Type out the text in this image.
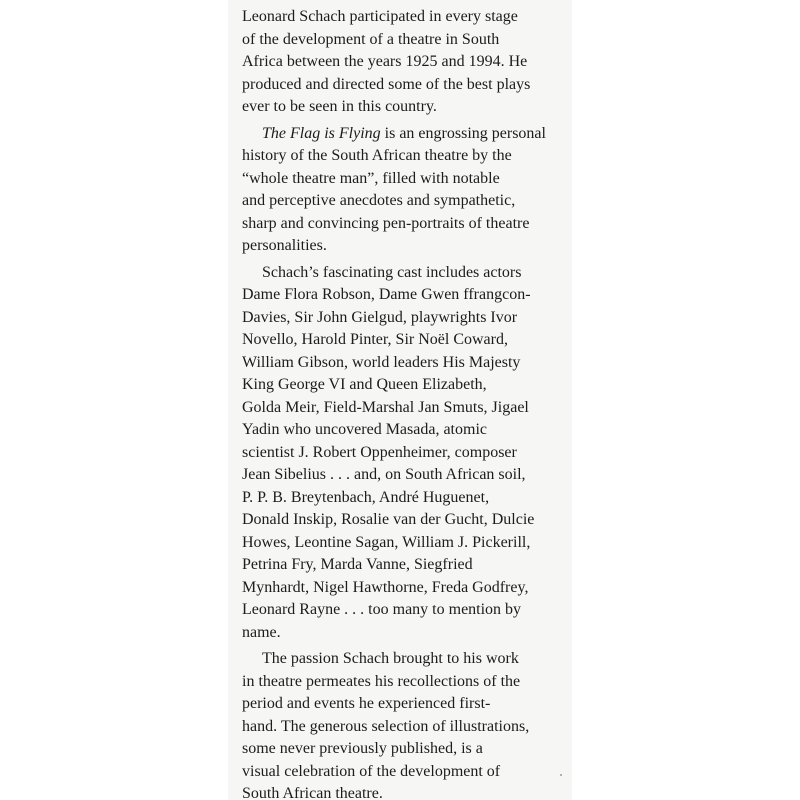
Leonard Schach participated in every stage
of the development of a theatre in South
Africa between the years 1925 and 1994. He
produced and directed some of the best plays
ever to be seen in this country.

The Flag is Flying is an engrossing personal
history of the South African theatre by the
“whole theatre man”, filled with notable
and perceptive anecdotes and sympathetic,
sharp and convincing pen-portraits of theatre
personalities.

Schach’s fascinating cast includes actors
Dame Flora Robson, Dame Gwen ffrangcon-
Davies, Sir John Gielgud, playwrights Ivor
Novello, Harold Pinter, Sir Noël Coward,
William Gibson, world leaders His Majesty
King George VI and Queen Elizabeth,
Golda Meir, Field-Marshal Jan Smuts, Jigael
Yadin who uncovered Masada, atomic
scientist J. Robert Oppenheimer, composer
Jean Sibelius . . . and, on South African soil,
P. P. B. Breytenbach, André Huguenet,
Donald Inskip, Rosalie van der Gucht, Dulcie
Howes, Leontine Sagan, William J. Pickerill,
Petrina Fry, Marda Vanne, Siegfried
Mynhardt, Nigel Hawthorne, Freda Godfrey,
Leonard Rayne . . . too many to mention by
name.

The passion Schach brought to his work
in theatre permeates his recollections of the
period and events he experienced first-
hand. The generous selection of illustrations,
some never previously published, is a
visual celebration of the development of
South African theatre.
